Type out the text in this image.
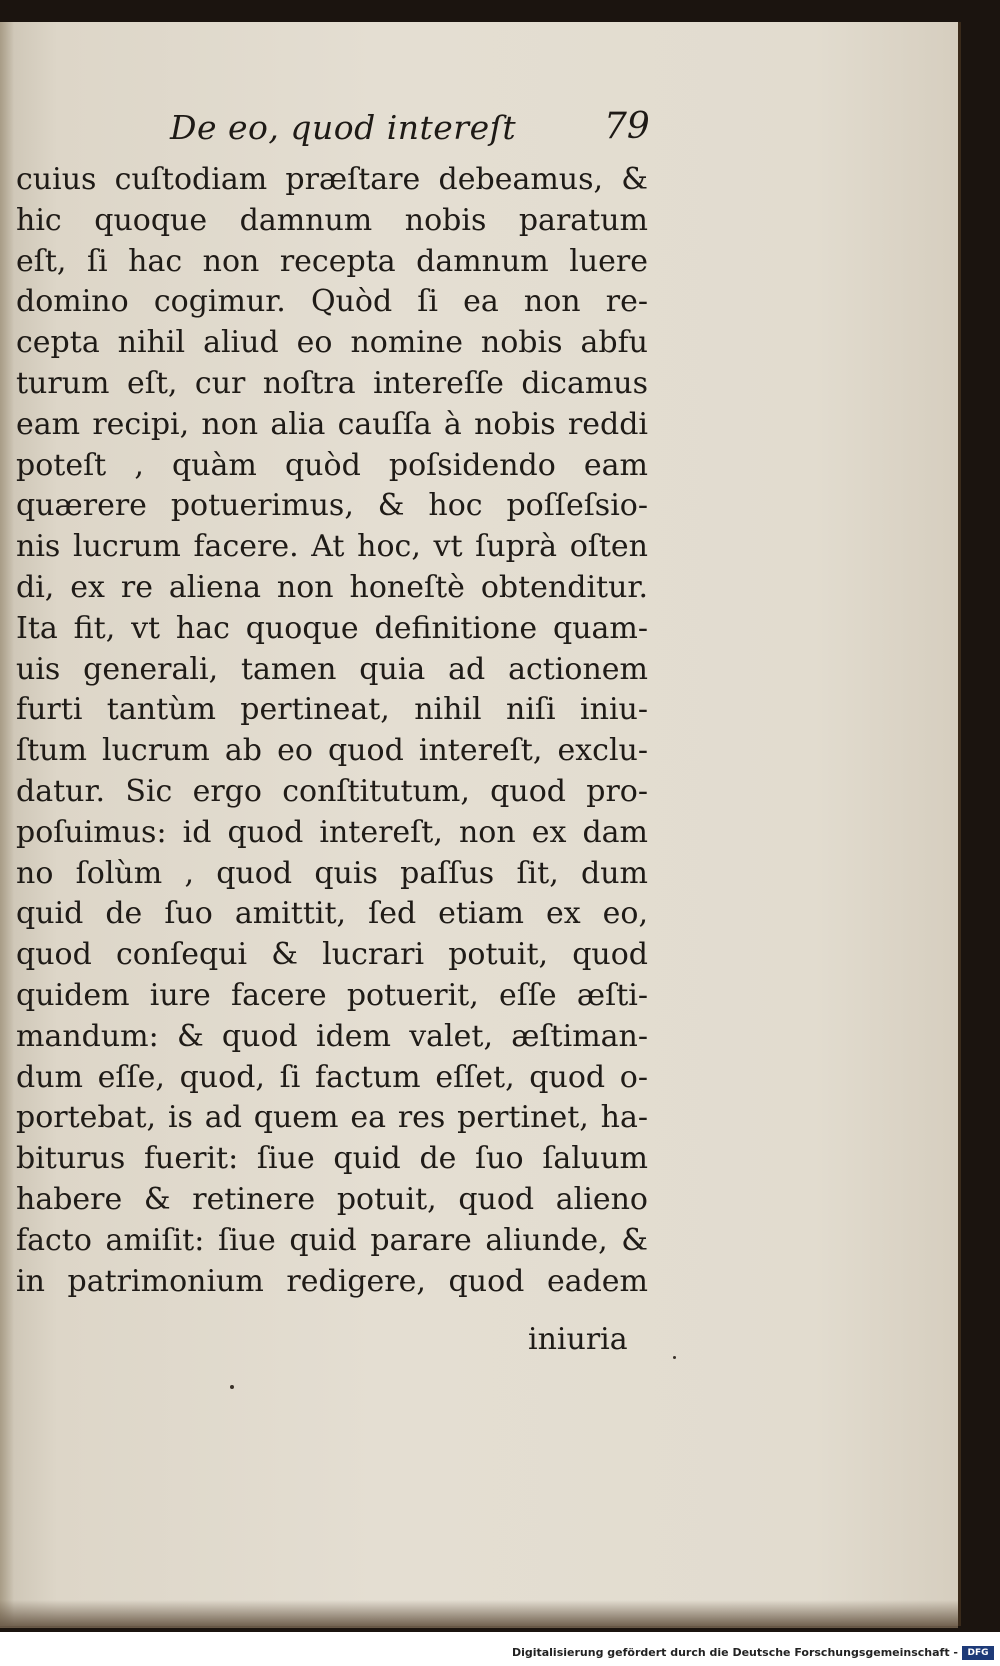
De eo, quod intereſt 79
cuius cuſtodiam præſtare debeamus, &
hic quoque damnum nobis paratum
eſt, ſi hac non recepta damnum luere
domino cogimur. Quòd ſi ea non re-
cepta nihil aliud eo nomine nobis abfu
turum eſt, cur noſtra intereſſe dicamus
eam recipi, non alia cauſſa à nobis reddi
poteſt , quàm quòd poſsidendo eam
quærere potuerimus, & hoc poſſeſsio-
nis lucrum facere. At hoc, vt ſuprà oſten
di, ex re aliena non honeſtè obtenditur.
Ita fit, vt hac quoque definitione quam-
uis generali, tamen quia ad actionem
furti tantùm pertineat, nihil niſi iniu-
ſtum lucrum ab eo quod intereſt, exclu-
datur. Sic ergo conſtitutum, quod pro-
poſuimus: id quod intereſt, non ex dam
no ſolùm , quod quis paſſus ſit, dum
quid de ſuo amittit, ſed etiam ex eo,
quod conſequi & lucrari potuit, quod
quidem iure facere potuerit, eſſe æſti-
mandum: & quod idem valet, æſtiman-
dum eſſe, quod, ſi factum eſſet, quod o-
portebat, is ad quem ea res pertinet, ha-
biturus fuerit: ſiue quid de ſuo ſaluum
habere & retinere potuit, quod alieno
facto amiſit: ſiue quid parare aliunde, &
in patrimonium redigere, quod eadem
iniuria
Digitalisierung gefördert durch die Deutsche Forschungsgemeinschaft -	DFG
